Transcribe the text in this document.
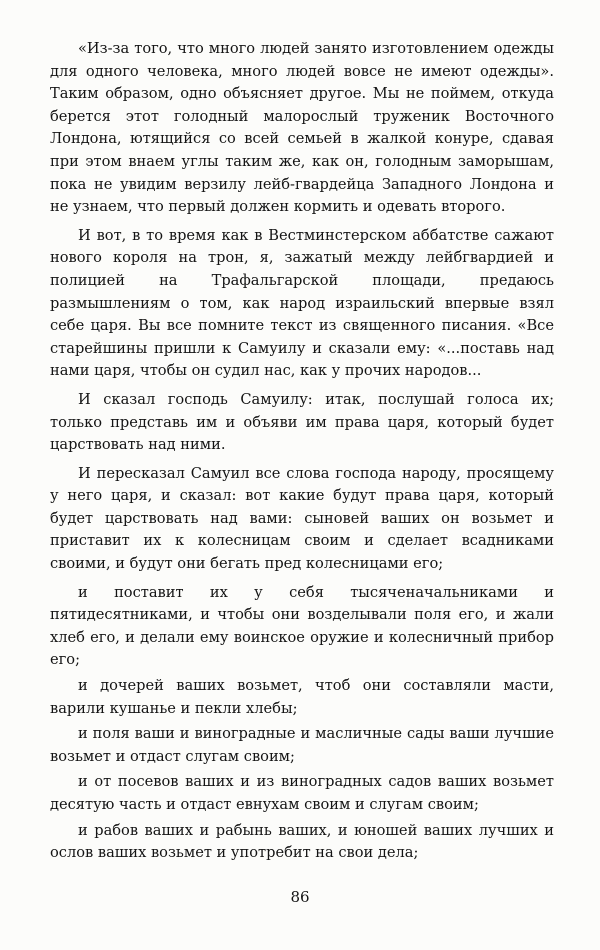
«Из-за того, что много людей занято изготовлением одежды для одного человека, много людей вовсе не имеют одежды». Таким образом, одно объясняет другое. Мы не поймем, откуда берется этот голодный малорослый труженик Восточного Лондона, ютящийся со всей семьей в жалкой конуре, сдавая при этом внаем углы таким же, как он, голодным заморышам, пока не увидим верзилу лейб-гвардейца Западного Лондона и не узнаем, что первый должен кормить и одевать второго.

И вот, в то время как в Вестминстерском аббатстве сажают нового короля на трон, я, зажатый между лейбгвардией и полицией на Трафальгарской площади, предаюсь размышлениям о том, как народ израильский впервые взял себе царя. Вы все помните текст из священного писания. «Все старейшины пришли к Самуилу и сказали ему: «...поставь над нами царя, чтобы он судил нас, как у прочих народов...

И сказал господь Самуилу: итак, послушай голоса их; только представь им и объяви им права царя, который будет царствовать над ними.

И пересказал Самуил все слова господа народу, просящему у него царя, и сказал: вот какие будут права царя, который будет царствовать над вами: сыновей ваших он возьмет и приставит их к колесницам своим и сделает всадниками своими, и будут они бегать пред колесницами его;

и поставит их у себя тысяченачальниками и пятидесятниками, и чтобы они возделывали поля его, и жали хлеб его, и делали ему воинское оружие и колесничный прибор его;

и дочерей ваших возьмет, чтоб они составляли масти, варили кушанье и пекли хлебы;

и поля ваши и виноградные и масличные сады ваши лучшие возьмет и отдаст слугам своим;

и от посевов ваших и из виноградных садов ваших возьмет десятую часть и отдаст евнухам своим и слугам своим;

и рабов ваших и рабынь ваших, и юношей ваших лучших и ослов ваших возьмет и употребит на свои дела;

86
